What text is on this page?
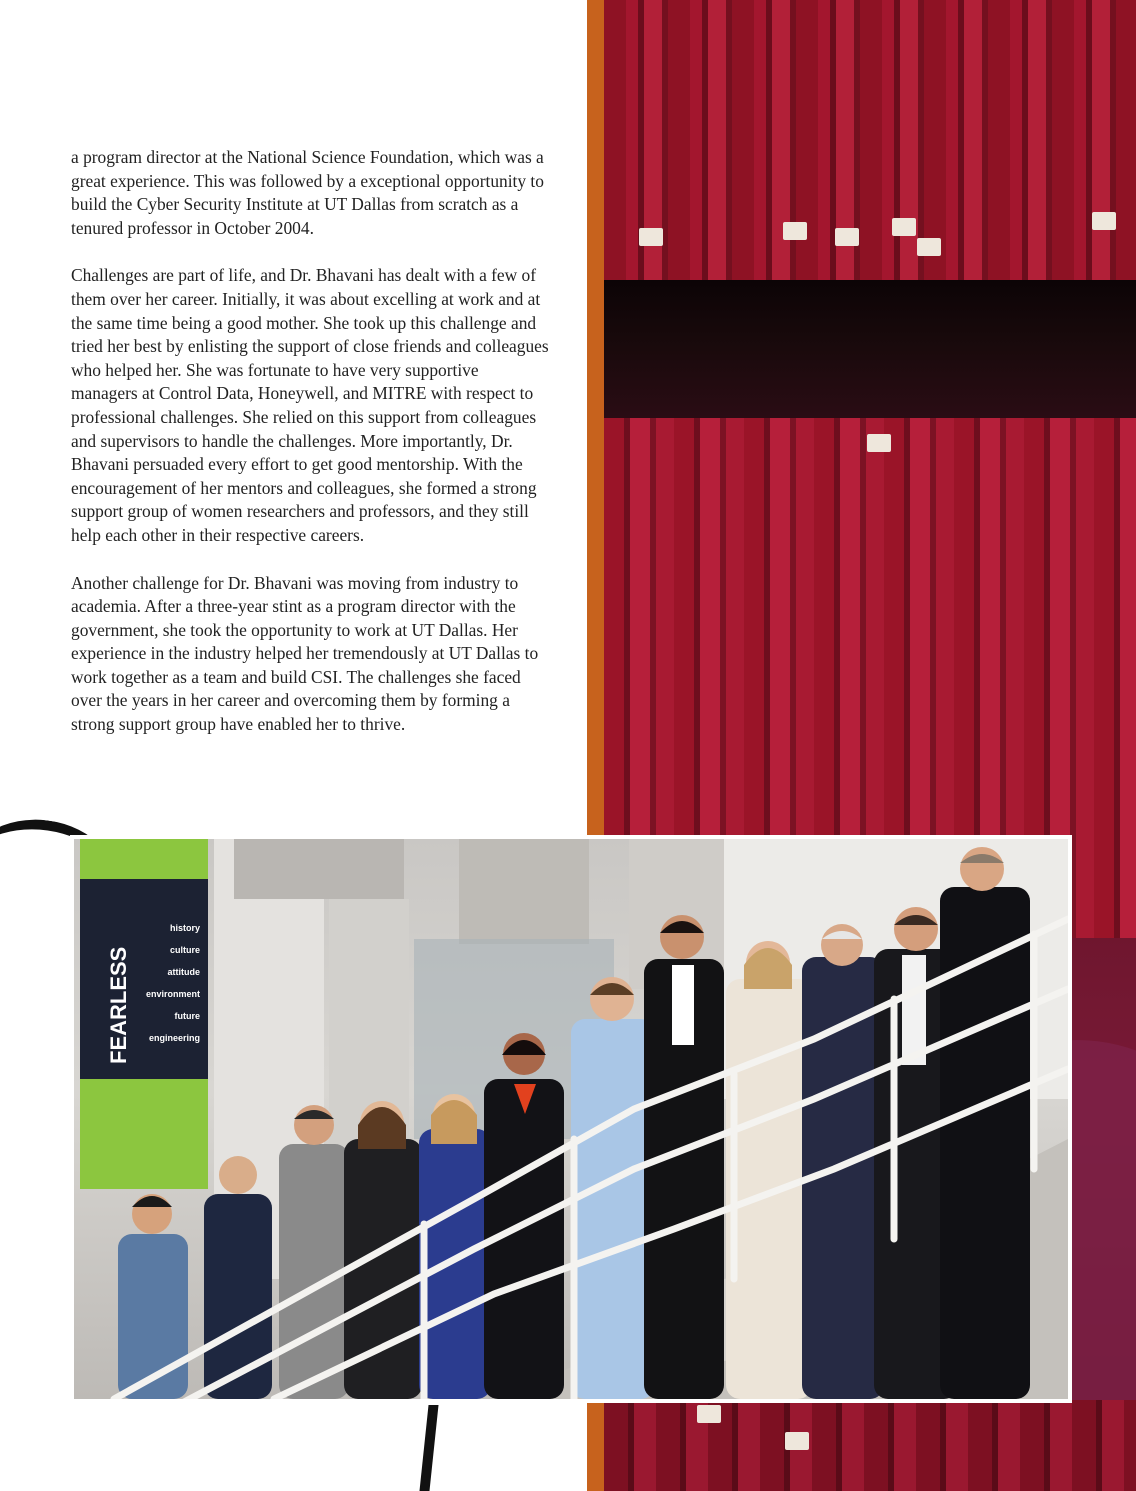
a program director at the National Science Foundation, which was a great experience. This was followed by a exceptional opportunity to build the Cyber Security Institute at UT Dallas from scratch as a tenured professor in October 2004.

Challenges are part of life, and Dr. Bhavani has dealt with a few of them over her career. Initially, it was about excelling at work and at the same time being a good mother. She took up this challenge and tried her best by enlisting the support of close friends and colleagues who helped her. She was fortunate to have very supportive managers at Control Data, Honeywell, and MITRE with respect to professional challenges. She relied on this support from colleagues and supervisors to handle the challenges. More importantly, Dr. Bhavani persuaded every effort to get good mentorship. With the encouragement of her mentors and colleagues, she formed a strong support group of women researchers and professors, and they still help each other in their respective careers.

Another challenge for Dr. Bhavani was moving from industry to academia. After a three-year stint as a program director with the government, she took the opportunity to work at UT Dallas. Her experience in the industry helped her tremendously at UT Dallas to work together as a team and build CSI. The challenges she faced over the years in her career and overcoming them by forming a strong support group have enabled her to thrive.

FEARLESS
history
culture
attitude
environment
future
engineering
